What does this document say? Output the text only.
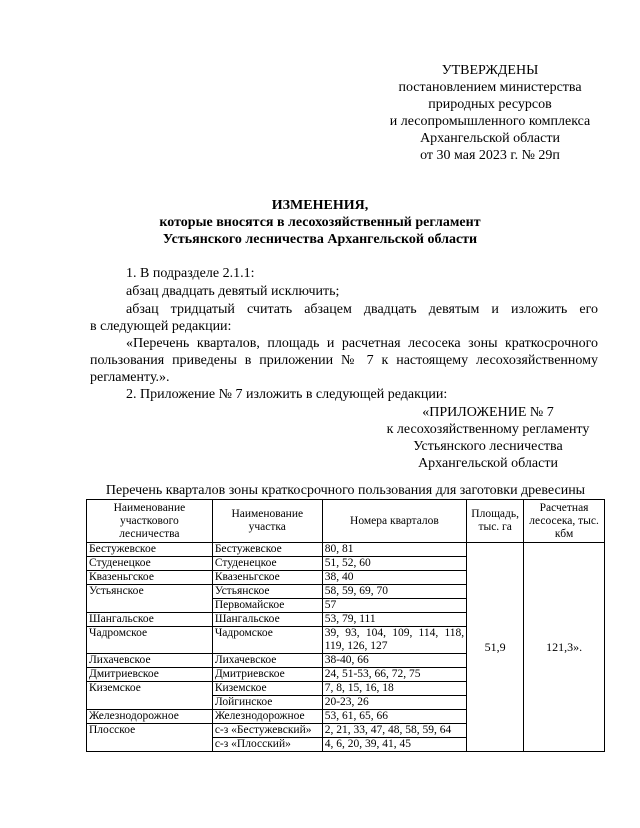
УТВЕРЖДЕНЫ
постановлением министерства
природных ресурсов
и лесопромышленного комплекса
Архангельской области
от 30 мая 2023 г. № 29п
ИЗМЕНЕНИЯ,
которые вносятся в лесохозяйственный регламент
Устьянского лесничества Архангельской области
1. В подразделе 2.1.1:
абзац двадцать девятый исключить;
абзац тридцатый считать абзацем двадцать девятым и изложить его
в следующей редакции:
«Перечень кварталов, площадь и расчетная лесосека зоны краткосрочного
пользования приведены в приложении № 7 к настоящему лесохозяйственному
регламенту.».
2. Приложение № 7 изложить в следующей редакции:
«ПРИЛОЖЕНИЕ № 7
к лесохозяйственному регламенту
Устьянского лесничества
Архангельской области
Перечень кварталов зоны краткосрочного пользования для заготовки древесины
Наименование участкового лесничества	Наименование участка	Номера кварталов	Площадь, тыс. га	Расчетная лесосека, тыс. кбм
Бестужевское	Бестужевское	80, 81	51,9	121,3».
Студенецкое	Студенецкое	51, 52, 60		
Квазеньгское	Квазеньгское	38, 40		
Устьянское	Устьянское	58, 59, 69, 70		
	Первомайское	57		
Шангальское	Шангальское	53, 79, 111		
Чадромское	Чадромское	39, 93, 104, 109, 114, 118, 119, 126, 127		
Лихачевское	Лихачевское	38-40, 66		
Дмитриевское	Дмитриевское	24, 51-53, 66, 72, 75		
Киземское	Киземское	7, 8, 15, 16, 18		
	Лойгинское	20-23, 26		
Железнодорожное	Железнодорожное	53, 61, 65, 66		
Плосское	с-з «Бестужевский»	2, 21, 33, 47, 48, 58, 59, 64		
	с-з «Плосский»	4, 6, 20, 39, 41, 45		
